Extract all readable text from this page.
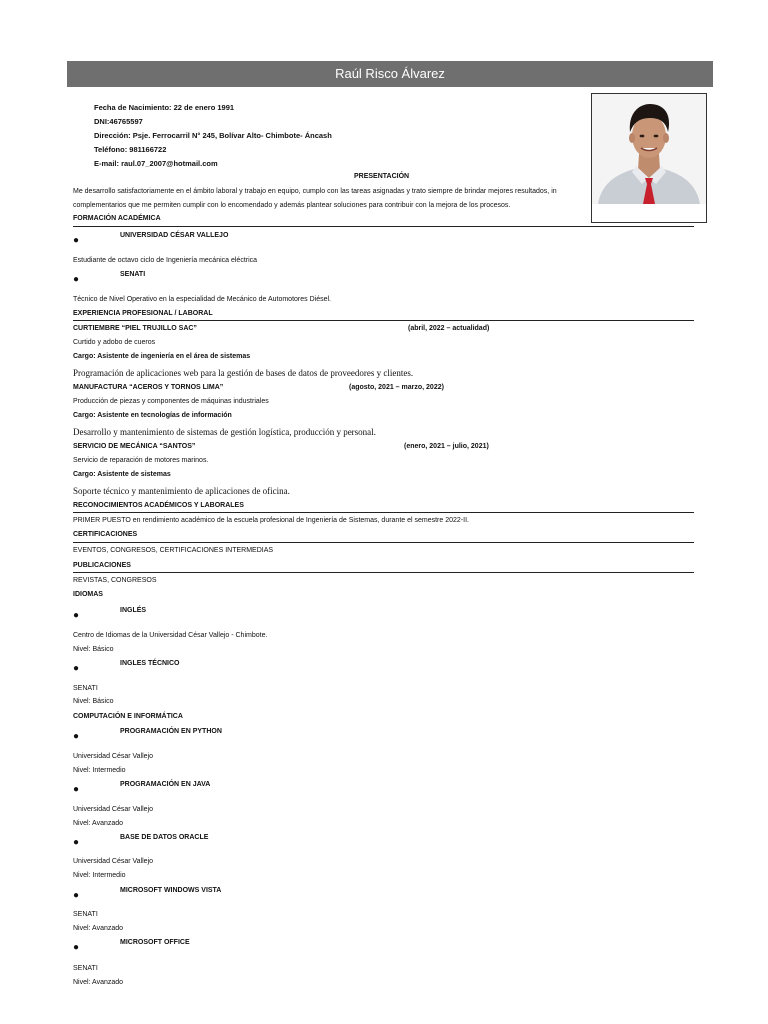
Raúl Risco Álvarez
Fecha de Nacimiento: 22 de enero 1991
DNI:46765597
Dirección: Psje. Ferrocarril N° 245, Bolívar Alto- Chimbote- Áncash
Teléfono: 981166722
E-mail: raul.07_2007@hotmail.com
PRESENTACIÓN
Me desarrollo satisfactoriamente en el ámbito laboral y trabajo en equipo, cumplo con las tareas asignadas y trato siempre de brindar mejores resultados, in
complementarios que me permiten cumplir con lo encomendado y además plantear soluciones para contribuir con la mejora de los procesos.
FORMACIÓN ACADÉMICA
●	UNIVERSIDAD CÉSAR VALLEJO
Estudiante de octavo ciclo de Ingeniería mecánica eléctrica
●	SENATI
Técnico de Nivel Operativo en la especialidad de Mecánico de Automotores Diésel.
EXPERIENCIA PROFESIONAL / LABORAL
CURTIEMBRE “PIEL TRUJILLO SAC”	(abril, 2022 – actualidad)
Curtido y adobo de cueros
Cargo: Asistente de ingeniería en el área de sistemas
Programación de aplicaciones web para la gestión de bases de datos de proveedores y clientes.
MANUFACTURA “ACEROS Y TORNOS LIMA”	(agosto, 2021 – marzo, 2022)
Producción de piezas y componentes de máquinas industriales
Cargo: Asistente en tecnologías de información
Desarrollo y mantenimiento de sistemas de gestión logística, producción y personal.
SERVICIO DE MECÁNICA “SANTOS”	(enero, 2021 – julio, 2021)
Servicio de reparación de motores marinos.
Cargo: Asistente de sistemas
Soporte técnico y mantenimiento de aplicaciones de oficina.
RECONOCIMIENTOS ACADÉMICOS Y LABORALES
PRIMER PUESTO en rendimiento académico de la escuela profesional de Ingeniería de Sistemas, durante el semestre 2022-II.
CERTIFICACIONES
EVENTOS, CONGRESOS, CERTIFICACIONES INTERMEDIAS
PUBLICACIONES
REVISTAS, CONGRESOS
IDIOMAS
●	INGLÉS
Centro de Idiomas de la Universidad César Vallejo - Chimbote.
Nivel: Básico
●	INGLES TÉCNICO
SENATI
Nivel: Básico
COMPUTACIÓN E INFORMÁTICA
●	PROGRAMACIÓN EN PYTHON
Universidad César Vallejo
Nivel: Intermedio
●	PROGRAMACIÓN EN JAVA
Universidad César Vallejo
Nivel: Avanzado
●	BASE DE DATOS ORACLE
Universidad César Vallejo
Nivel: Intermedio
●	MICROSOFT WINDOWS VISTA
SENATI
Nivel: Avanzado
●	MICROSOFT OFFICE
SENATI
Nivel: Avanzado
